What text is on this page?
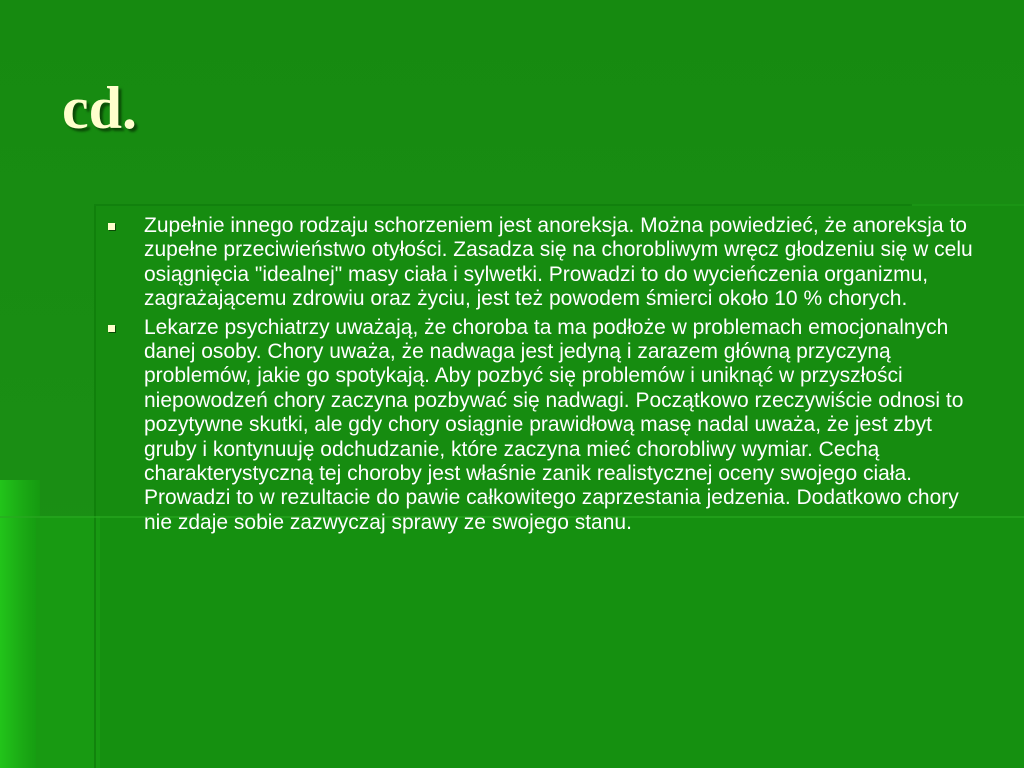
cd.
Zupełnie innego rodzaju schorzeniem jest anoreksja. Można powiedzieć, że anoreksja to zupełne przeciwieństwo otyłości. Zasadza się na chorobliwym wręcz głodzeniu się w celu osiągnięcia "idealnej" masy ciała i sylwetki. Prowadzi to do wycieńczenia organizmu, zagrażającemu zdrowiu oraz życiu, jest też powodem śmierci około 10 % chorych.
Lekarze psychiatrzy uważają, że choroba ta ma podłoże w problemach emocjonalnych danej osoby. Chory uważa, że nadwaga jest jedyną i zarazem główną przyczyną problemów, jakie go spotykają. Aby pozbyć się problemów i uniknąć w przyszłości niepowodzeń chory zaczyna pozbywać się nadwagi. Początkowo rzeczywiście odnosi to pozytywne skutki, ale gdy chory osiągnie prawidłową masę nadal uważa, że jest zbyt gruby i kontynuuję odchudzanie, które zaczyna mieć chorobliwy wymiar. Cechą charakterystyczną tej choroby jest właśnie zanik realistycznej oceny swojego ciała. Prowadzi to w rezultacie do pawie całkowitego zaprzestania jedzenia. Dodatkowo chory nie zdaje sobie zazwyczaj sprawy ze swojego stanu.
